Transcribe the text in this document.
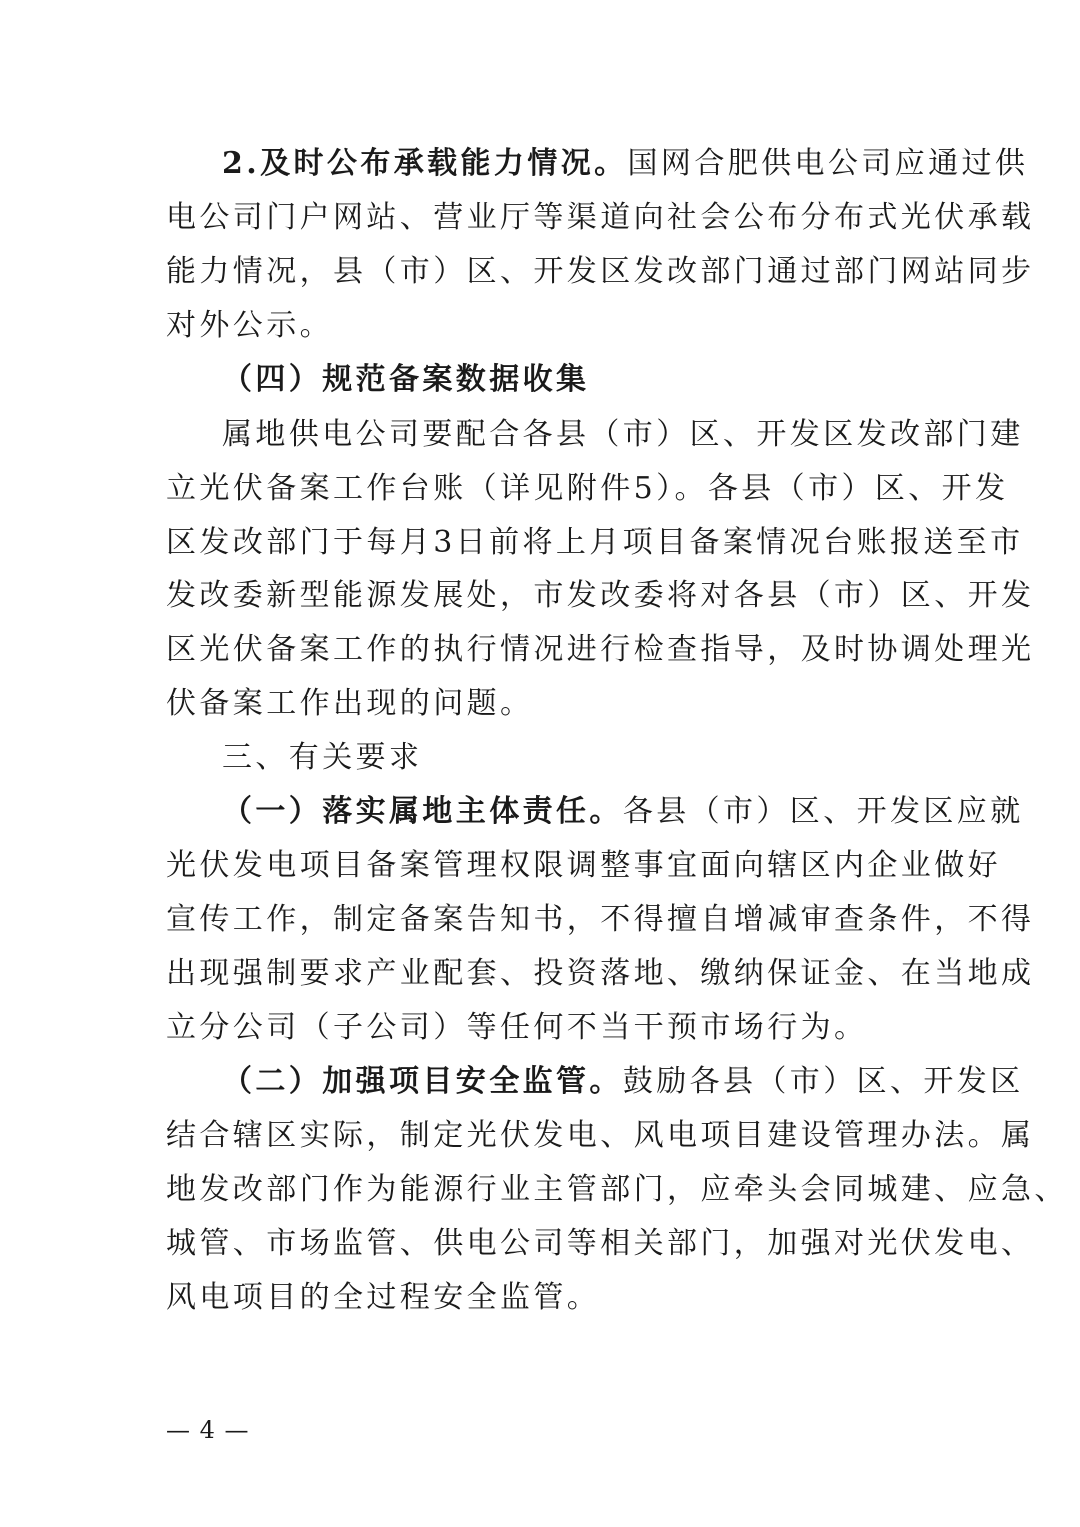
2.及时公布承载能力情况。国网合肥供电公司应通过供
电公司门户网站、营业厅等渠道向社会公布分布式光伏承载
能力情况，县（市）区、开发区发改部门通过部门网站同步
对外公示。
（四）规范备案数据收集
属地供电公司要配合各县（市）区、开发区发改部门建
立光伏备案工作台账（详见附件5）。各县（市）区、开发
区发改部门于每月3日前将上月项目备案情况台账报送至市
发改委新型能源发展处，市发改委将对各县（市）区、开发
区光伏备案工作的执行情况进行检查指导，及时协调处理光
伏备案工作出现的问题。
三、有关要求
（一）落实属地主体责任。各县（市）区、开发区应就
光伏发电项目备案管理权限调整事宜面向辖区内企业做好
宣传工作，制定备案告知书，不得擅自增减审查条件，不得
出现强制要求产业配套、投资落地、缴纳保证金、在当地成
立分公司（子公司）等任何不当干预市场行为。
（二）加强项目安全监管。鼓励各县（市）区、开发区
结合辖区实际，制定光伏发电、风电项目建设管理办法。属
地发改部门作为能源行业主管部门，应牵头会同城建、应急、
城管、市场监管、供电公司等相关部门，加强对光伏发电、
风电项目的全过程安全监管。
— 4 —
